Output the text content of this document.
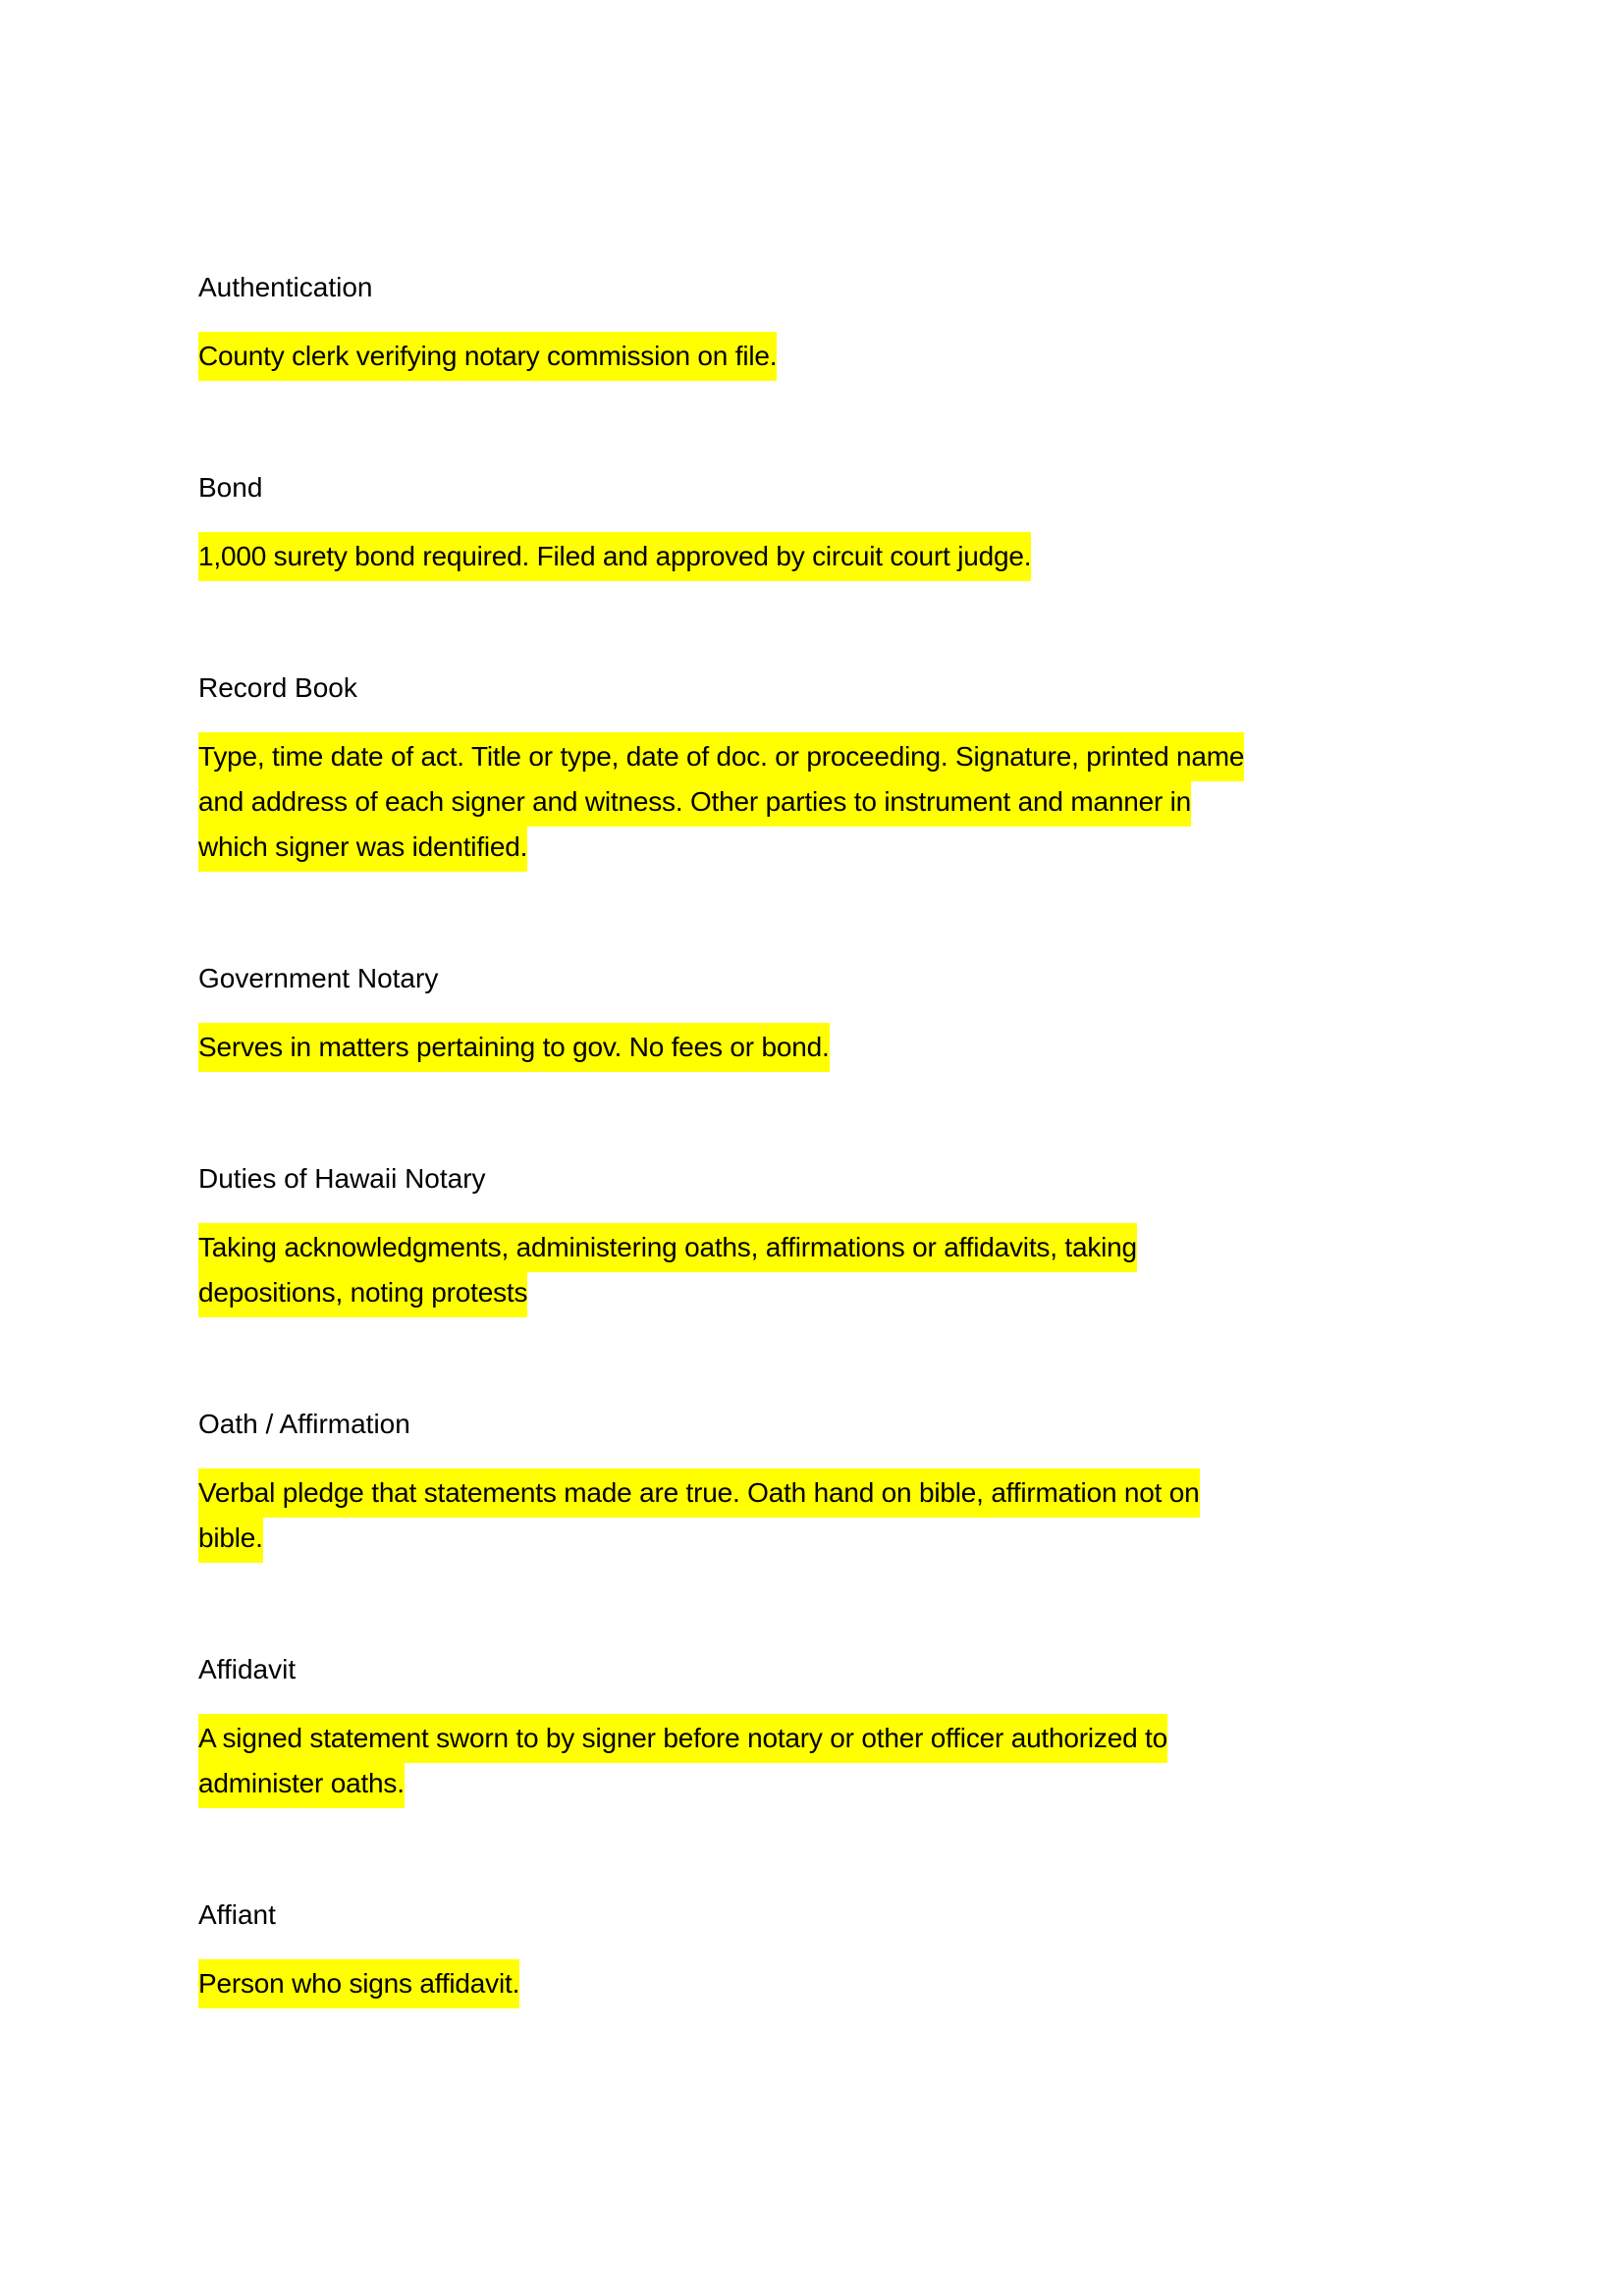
Authentication
County clerk verifying notary commission on file.
Bond
1,000 surety bond required. Filed and approved by circuit court judge.
Record Book
Type, time date of act. Title or type, date of doc. or proceeding. Signature, printed name
and address of each signer and witness. Other parties to instrument and manner in
which signer was identified.
Government Notary
Serves in matters pertaining to gov. No fees or bond.
Duties of Hawaii Notary
Taking acknowledgments, administering oaths, affirmations or affidavits, taking
depositions, noting protests
Oath / Affirmation
Verbal pledge that statements made are true. Oath hand on bible, affirmation not on
bible.
Affidavit
A signed statement sworn to by signer before notary or other officer authorized to
administer oaths.
Affiant
Person who signs affidavit.
